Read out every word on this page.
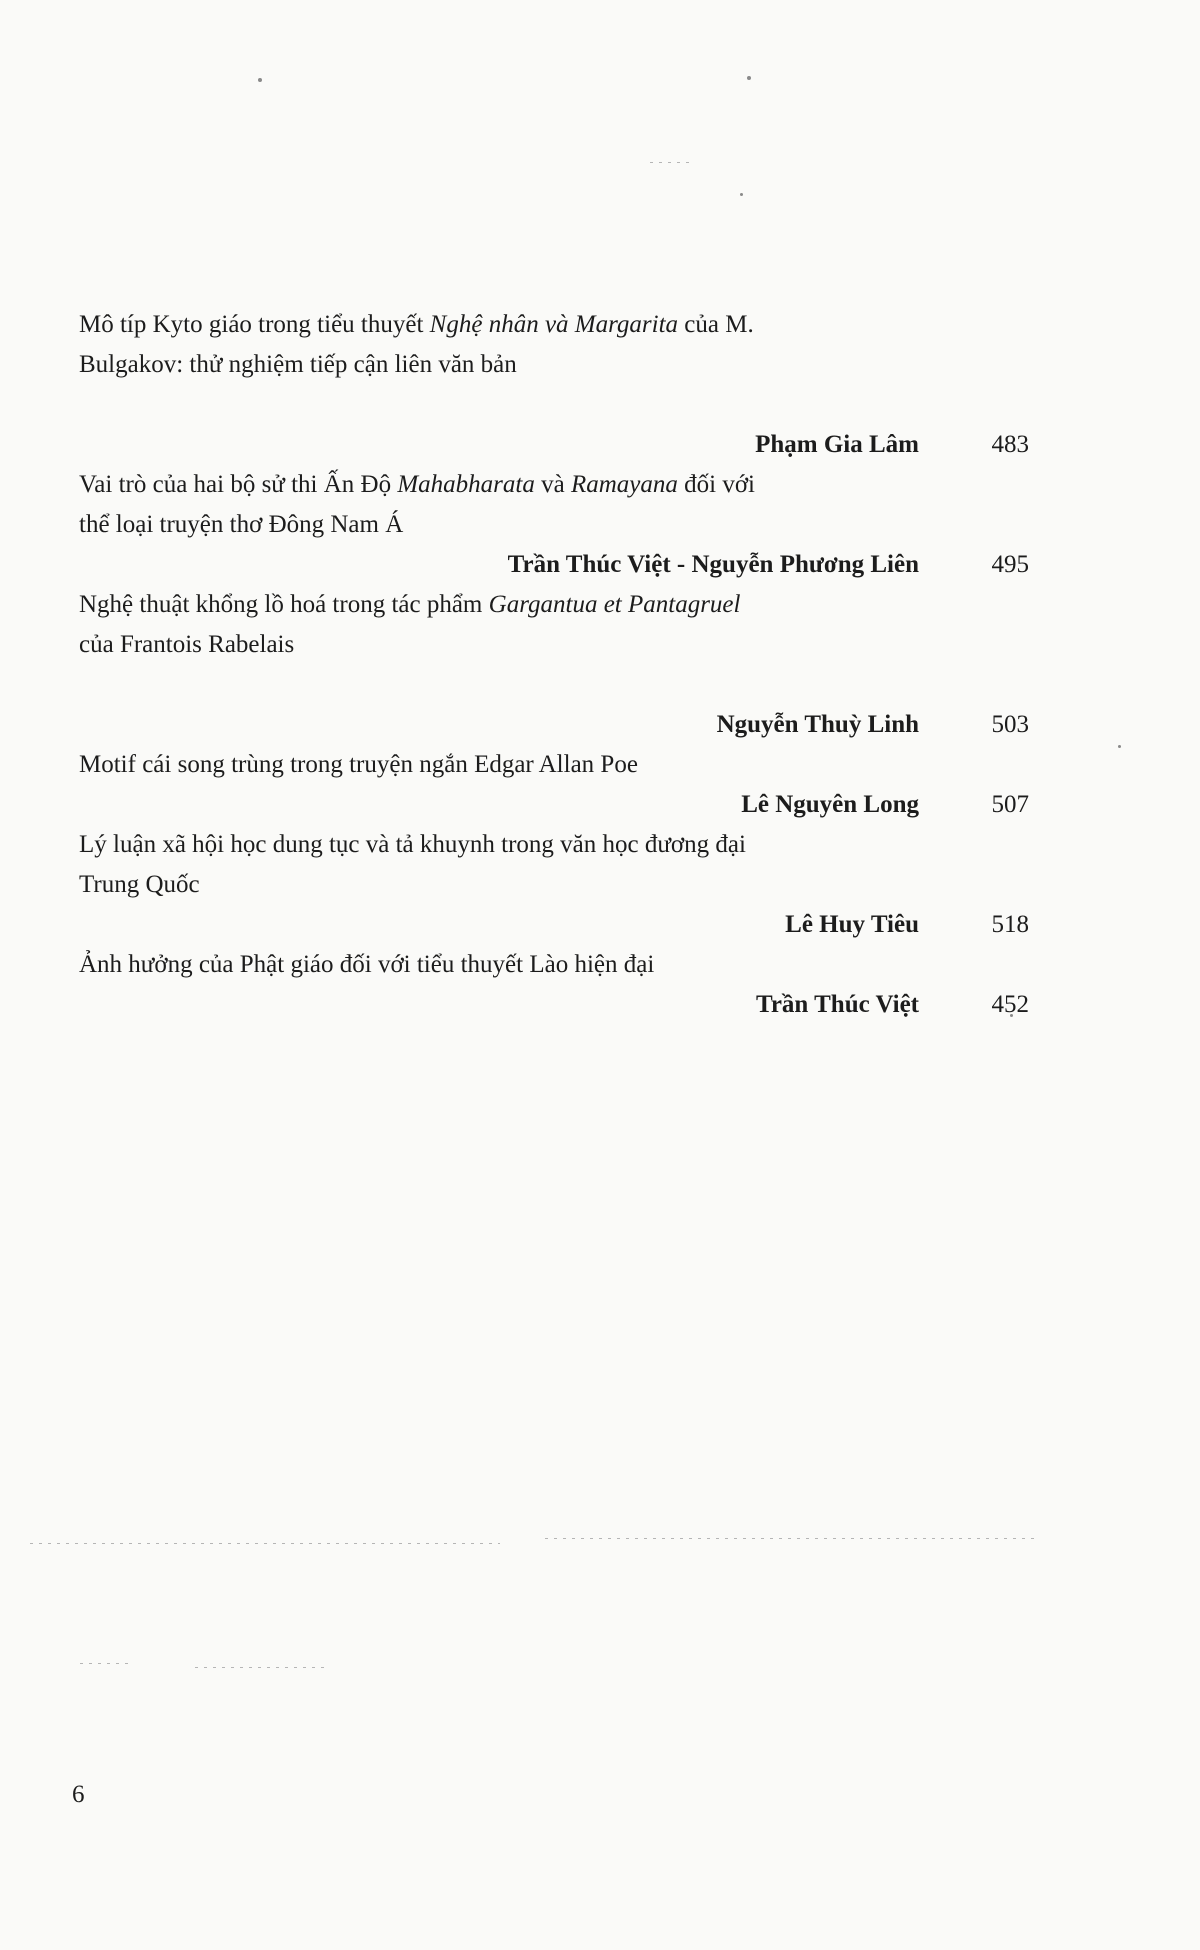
Mô típ Kyto giáo trong tiểu thuyết Nghệ nhân và Margarita của M.
Bulgakov: thử nghiệm tiếp cận liên văn bản
Phạm Gia Lâm	483
Vai trò của hai bộ sử thi Ấn Độ Mahabharata và Ramayana đối với
thể loại truyện thơ Đông Nam Á
Trần Thúc Việt - Nguyễn Phương Liên	495
Nghệ thuật khổng lồ hoá trong tác phẩm Gargantua et Pantagruel
của Frantois Rabelais
Nguyễn Thuỳ Linh	503
Motif cái song trùng trong truyện ngắn Edgar Allan Poe
Lê Nguyên Long	507
Lý luận xã hội học dung tục và tả khuynh trong văn học đương đại
Trung Quốc
Lê Huy Tiêu	518
Ảnh hưởng của Phật giáo đối với tiểu thuyết Lào hiện đại
Trần Thúc Việt	452
6
